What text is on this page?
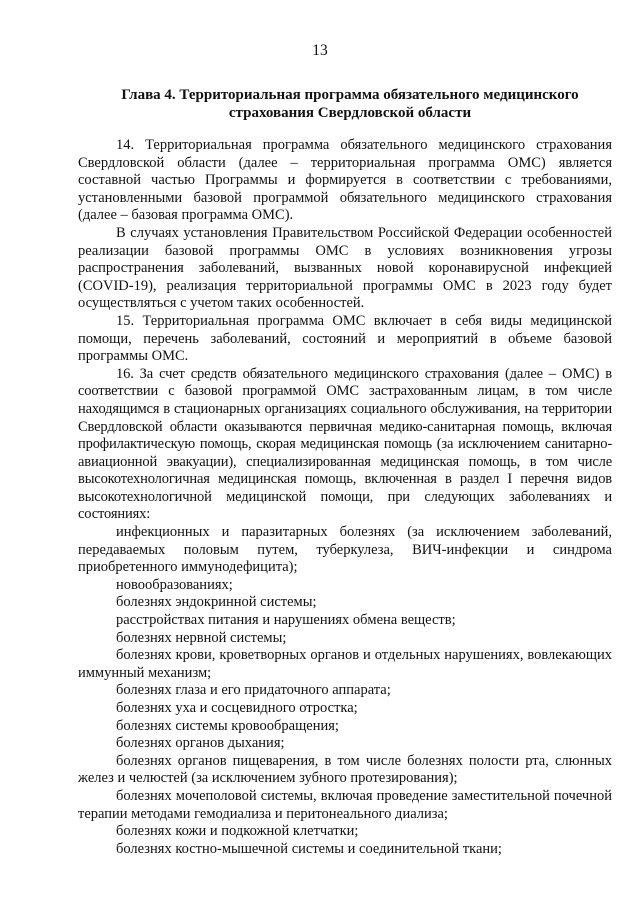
13
Глава 4. Территориальная программа обязательного медицинского
страхования Свердловской области

14. Территориальная программа обязательного медицинского страхования Свердловской области (далее – территориальная программа ОМС) является составной частью Программы и формируется в соответствии с требованиями, установленными базовой программой обязательного медицинского страхования (далее – базовая программа ОМС).

В случаях установления Правительством Российской Федерации особенностей реализации базовой программы ОМС в условиях возникновения угрозы распространения заболеваний, вызванных новой коронавирусной инфекцией (COVID-19), реализация территориальной программы ОМС в 2023 году будет осуществляться с учетом таких особенностей.

15. Территориальная программа ОМС включает в себя виды медицинской помощи, перечень заболеваний, состояний и мероприятий в объеме базовой программы ОМС.

16. За счет средств обязательного медицинского страхования (далее – ОМС) в соответствии с базовой программой ОМС застрахованным лицам, в том числе находящимся в стационарных организациях социального обслуживания, на территории Свердловской области оказываются первичная медико-санитарная помощь, включая профилактическую помощь, скорая медицинская помощь (за исключением санитарно-авиационной эвакуации), специализированная медицинская помощь, в том числе высокотехнологичная медицинская помощь, включенная в раздел I перечня видов высокотехнологичной медицинской помощи, при следующих заболеваниях и состояниях:

инфекционных и паразитарных болезнях (за исключением заболеваний, передаваемых половым путем, туберкулеза, ВИЧ-инфекции и синдрома приобретенного иммунодефицита);

новообразованиях;

болезнях эндокринной системы;

расстройствах питания и нарушениях обмена веществ;

болезнях нервной системы;

болезнях крови, кроветворных органов и отдельных нарушениях, вовлекающих иммунный механизм;

болезнях глаза и его придаточного аппарата;

болезнях уха и сосцевидного отростка;

болезнях системы кровообращения;

болезнях органов дыхания;

болезнях органов пищеварения, в том числе болезнях полости рта, слюнных желез и челюстей (за исключением зубного протезирования);

болезнях мочеполовой системы, включая проведение заместительной почечной терапии методами гемодиализа и перитонеального диализа;

болезнях кожи и подкожной клетчатки;

болезнях костно-мышечной системы и соединительной ткани;
